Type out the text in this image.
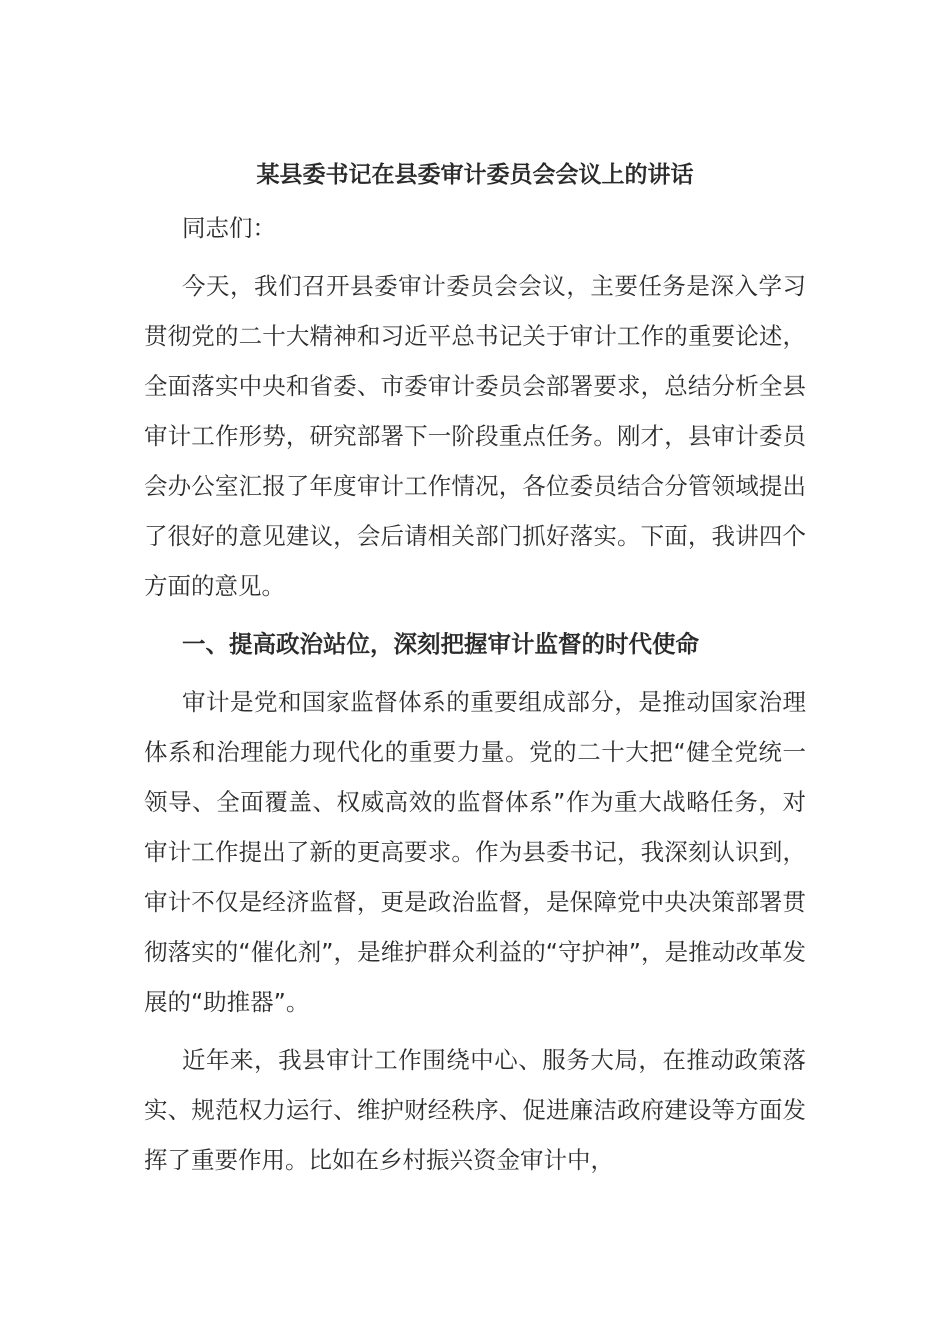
某县委书记在县委审计委员会会议上的讲话
同志们：
今天，我们召开县委审计委员会会议，主要任务是深入学习贯彻党的二十大精神和习近平总书记关于审计工作的重要论述，全面落实中央和省委、市委审计委员会部署要求，总结分析全县审计工作形势，研究部署下一阶段重点任务。刚才，县审计委员会办公室汇报了年度审计工作情况，各位委员结合分管领域提出了很好的意见建议，会后请相关部门抓好落实。下面，我讲四个方面的意见。
一、提高政治站位，深刻把握审计监督的时代使命
审计是党和国家监督体系的重要组成部分，是推动国家治理体系和治理能力现代化的重要力量。党的二十大把“健全党统一领导、全面覆盖、权威高效的监督体系”作为重大战略任务，对审计工作提出了新的更高要求。作为县委书记，我深刻认识到，审计不仅是经济监督，更是政治监督，是保障党中央决策部署贯彻落实的“催化剂”，是维护群众利益的“守护神”，是推动改革发展的“助推器”。
近年来，我县审计工作围绕中心、服务大局，在推动政策落实、规范权力运行、维护财经秩序、促进廉洁政府建设等方面发挥了重要作用。比如在乡村振兴资金审计中，
